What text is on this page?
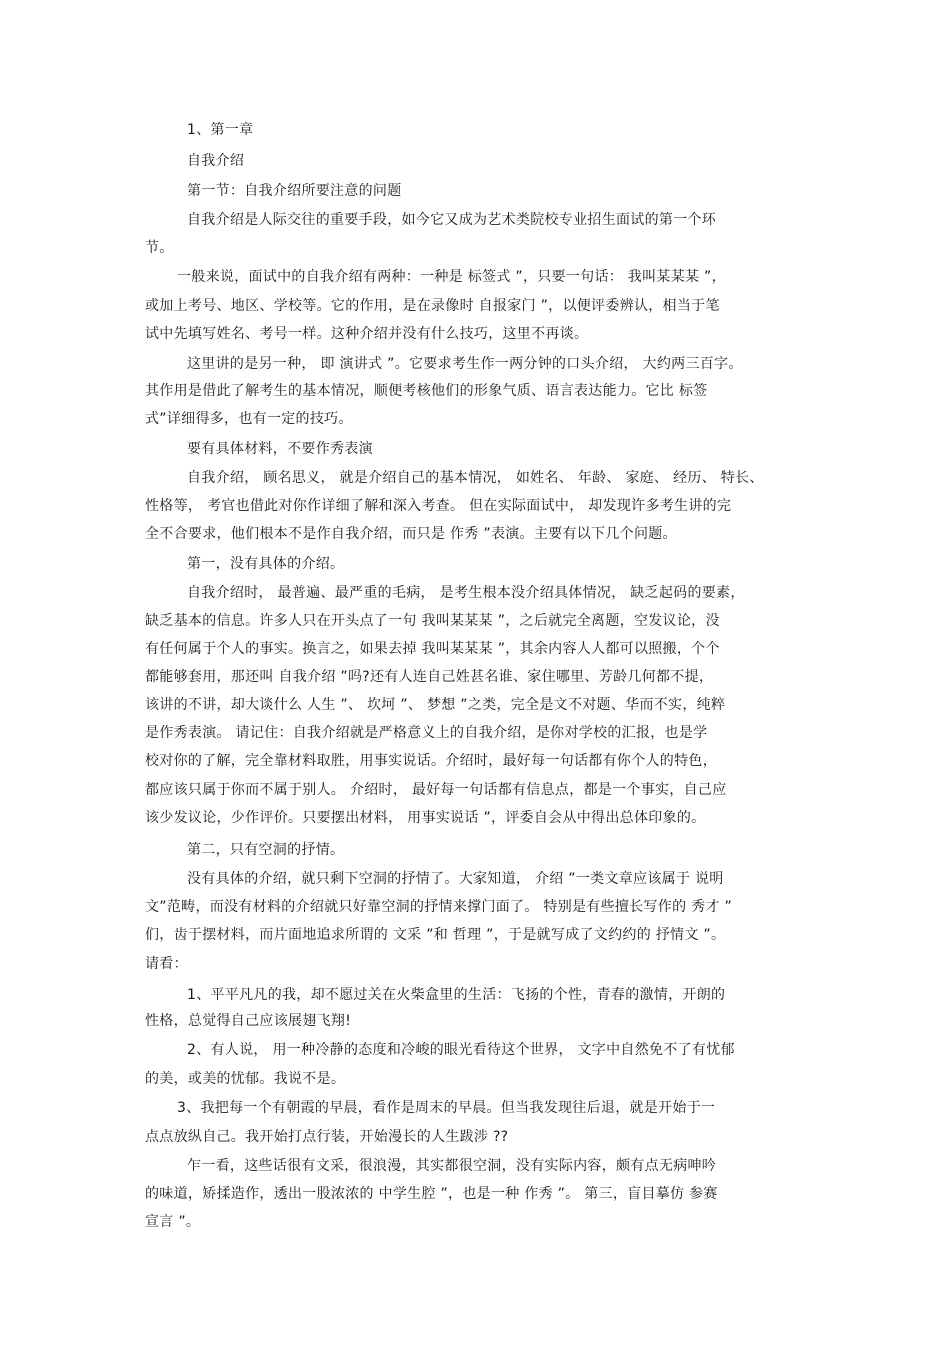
1、第一章
自我介绍
第一节：自我介绍所要注意的问题
自我介绍是人际交往的重要手段，如今它又成为艺术类院校专业招生面试的第一个环
节。
一般来说，面试中的自我介绍有两种：一种是 标签式 ”，只要一句话： 我叫某某某 ”，
或加上考号、地区、学校等。它的作用，是在录像时 自报家门 ”，以便评委辨认，相当于笔
试中先填写姓名、考号一样。这种介绍并没有什么技巧，这里不再谈。
这里讲的是另一种， 即 演讲式 ”。它要求考生作一两分钟的口头介绍， 大约两三百字。
其作用是借此了解考生的基本情况，顺便考核他们的形象气质、语言表达能力。它比 标签
式”详细得多，也有一定的技巧。
要有具体材料，不要作秀表演
自我介绍， 顾名思义， 就是介绍自己的基本情况， 如姓名、 年龄、 家庭、 经历、 特长、
性格等， 考官也借此对你作详细了解和深入考查。 但在实际面试中， 却发现许多考生讲的完
全不合要求，他们根本不是作自我介绍，而只是 作秀 ”表演。主要有以下几个问题。
第一，没有具体的介绍。
自我介绍时， 最普遍、最严重的毛病， 是考生根本没介绍具体情况， 缺乏起码的要素，
缺乏基本的信息。许多人只在开头点了一句 我叫某某某 ”，之后就完全离题，空发议论，没
有任何属于个人的事实。换言之，如果去掉 我叫某某某 ”，其余内容人人都可以照搬，个个
都能够套用，那还叫 自我介绍 ”吗?还有人连自己姓甚名谁、家住哪里、芳龄几何都不提，
该讲的不讲，却大谈什么 人生 ”、 坎坷 ”、 梦想 ”之类，完全是文不对题、华而不实，纯粹
是作秀表演。 请记住：自我介绍就是严格意义上的自我介绍，是你对学校的汇报，也是学
校对你的了解，完全靠材料取胜，用事实说话。介绍时，最好每一句话都有你个人的特色，
都应该只属于你而不属于别人。 介绍时， 最好每一句话都有信息点，都是一个事实，自己应
该少发议论，少作评价。只要摆出材料， 用事实说话 ”，评委自会从中得出总体印象的。
第二，只有空洞的抒情。
没有具体的介绍，就只剩下空洞的抒情了。大家知道， 介绍 ”一类文章应该属于 说明
文”范畴，而没有材料的介绍就只好靠空洞的抒情来撑门面了。 特别是有些擅长写作的 秀才 ”
们，齿于摆材料，而片面地追求所谓的 文采 ”和 哲理 ”，于是就写成了文约约的 抒情文 ”。
请看：
1、平平凡凡的我，却不愿过关在火柴盒里的生活：飞扬的个性，青春的激情，开朗的
性格，总觉得自己应该展翅飞翔!
2、有人说， 用一种冷静的态度和冷峻的眼光看待这个世界， 文字中自然免不了有忧郁
的美，或美的忧郁。我说不是。
3、我把每一个有朝霞的早晨，看作是周末的早晨。但当我发现往后退，就是开始于一
点点放纵自己。我开始打点行装，开始漫长的人生跋涉 ??
乍一看，这些话很有文采，很浪漫，其实都很空洞，没有实际内容，颇有点无病呻吟
的味道，矫揉造作，透出一股浓浓的 中学生腔 ”，也是一种 作秀 ”。 第三，盲目摹仿 参赛
宣言 ”。
